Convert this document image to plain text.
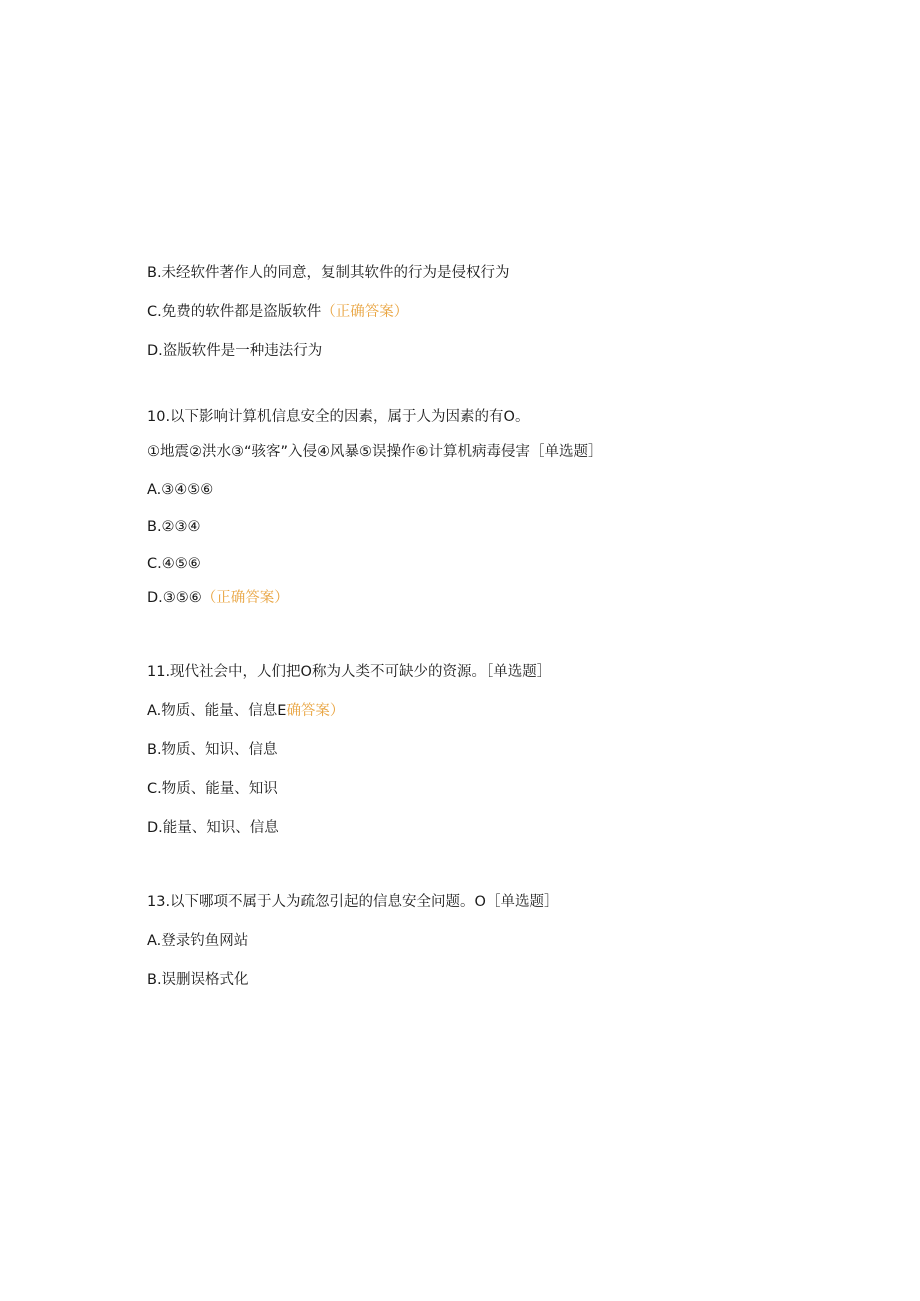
B.未经软件著作人的同意，复制其软件的行为是侵权行为
C.免费的软件都是盗版软件（正确答案）
D.盗版软件是一种违法行为
10.以下影响计算机信息安全的因素，属于人为因素的有O。
①地震②洪水③“骇客”入侵④风暴⑤误操作⑥计算机病毒侵害［单选题］
A.③④⑤⑥
B.②③④
C.④⑤⑥
D.③⑤⑥（正确答案）
11.现代社会中，人们把O称为人类不可缺少的资源。［单选题］
A.物质、能量、信息E确答案）
B.物质、知识、信息
C.物质、能量、知识
D.能量、知识、信息
13.以下哪项不属于人为疏忽引起的信息安全问题。O［单选题］
A.登录钓鱼网站
B.误删误格式化
